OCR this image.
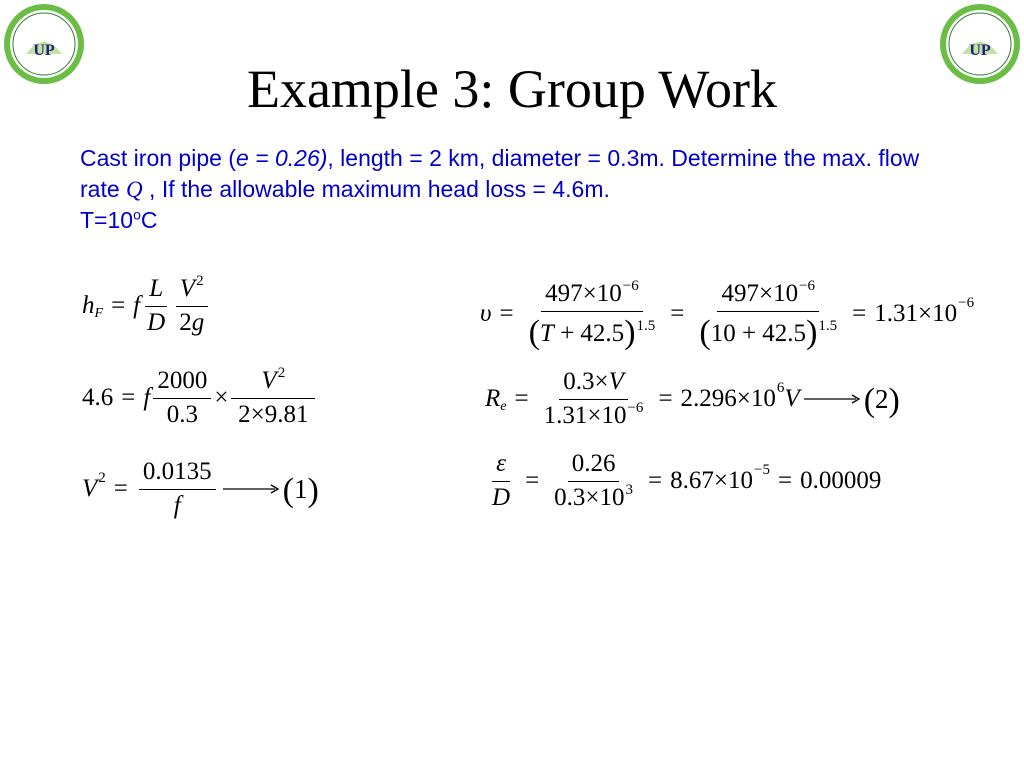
UP	UP
Example 3: Group Work
Cast iron pipe (e = 0.26), length = 2 km, diameter = 0.3m. Determine the max. flow rate Q , If the allowable maximum head loss = 4.6m.
$T=10^oC$
h F = f $\frac{L}{D} \frac{V^2}{2g}$
4.6 = f $\frac{2000}{0.3} \times \frac{V^2}{2\times 9.81}$
V $2 = \frac{0.0135}{f}$ ( 1 )
$\upsilon = \frac{497\times 10^{-6}}{(T + 42.5)^{1.5}} = \frac{497\times 10^{-6}}{(10 + 42.5)^{1.5}} = 1.31\times 10 -6$
R $e = \frac{0.3\times V}{1.31\times 10^{-6}} = 2.296\times 10$ 6 V ( 2 )
$\frac{\varepsilon}{D} = \frac{0.26}{0.3\times 10^3} = 8.67\times 10 -5 = 0.00009$
